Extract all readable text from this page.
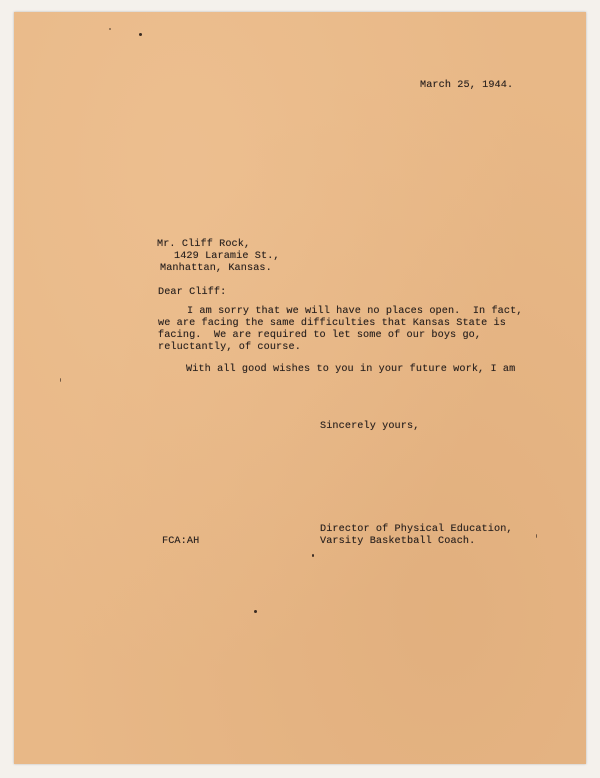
March 25, 1944.
Mr. Cliff Rock,
1429 Laramie St.,
Manhattan, Kansas.
Dear Cliff:
I am sorry that we will have no places open.  In fact,
we are facing the same difficulties that Kansas State is
facing.  We are required to let some of our boys go,
reluctantly, of course.
With all good wishes to you in your future work, I am
Sincerely yours,
Director of Physical Education,
Varsity Basketball Coach.
FCA:AH
